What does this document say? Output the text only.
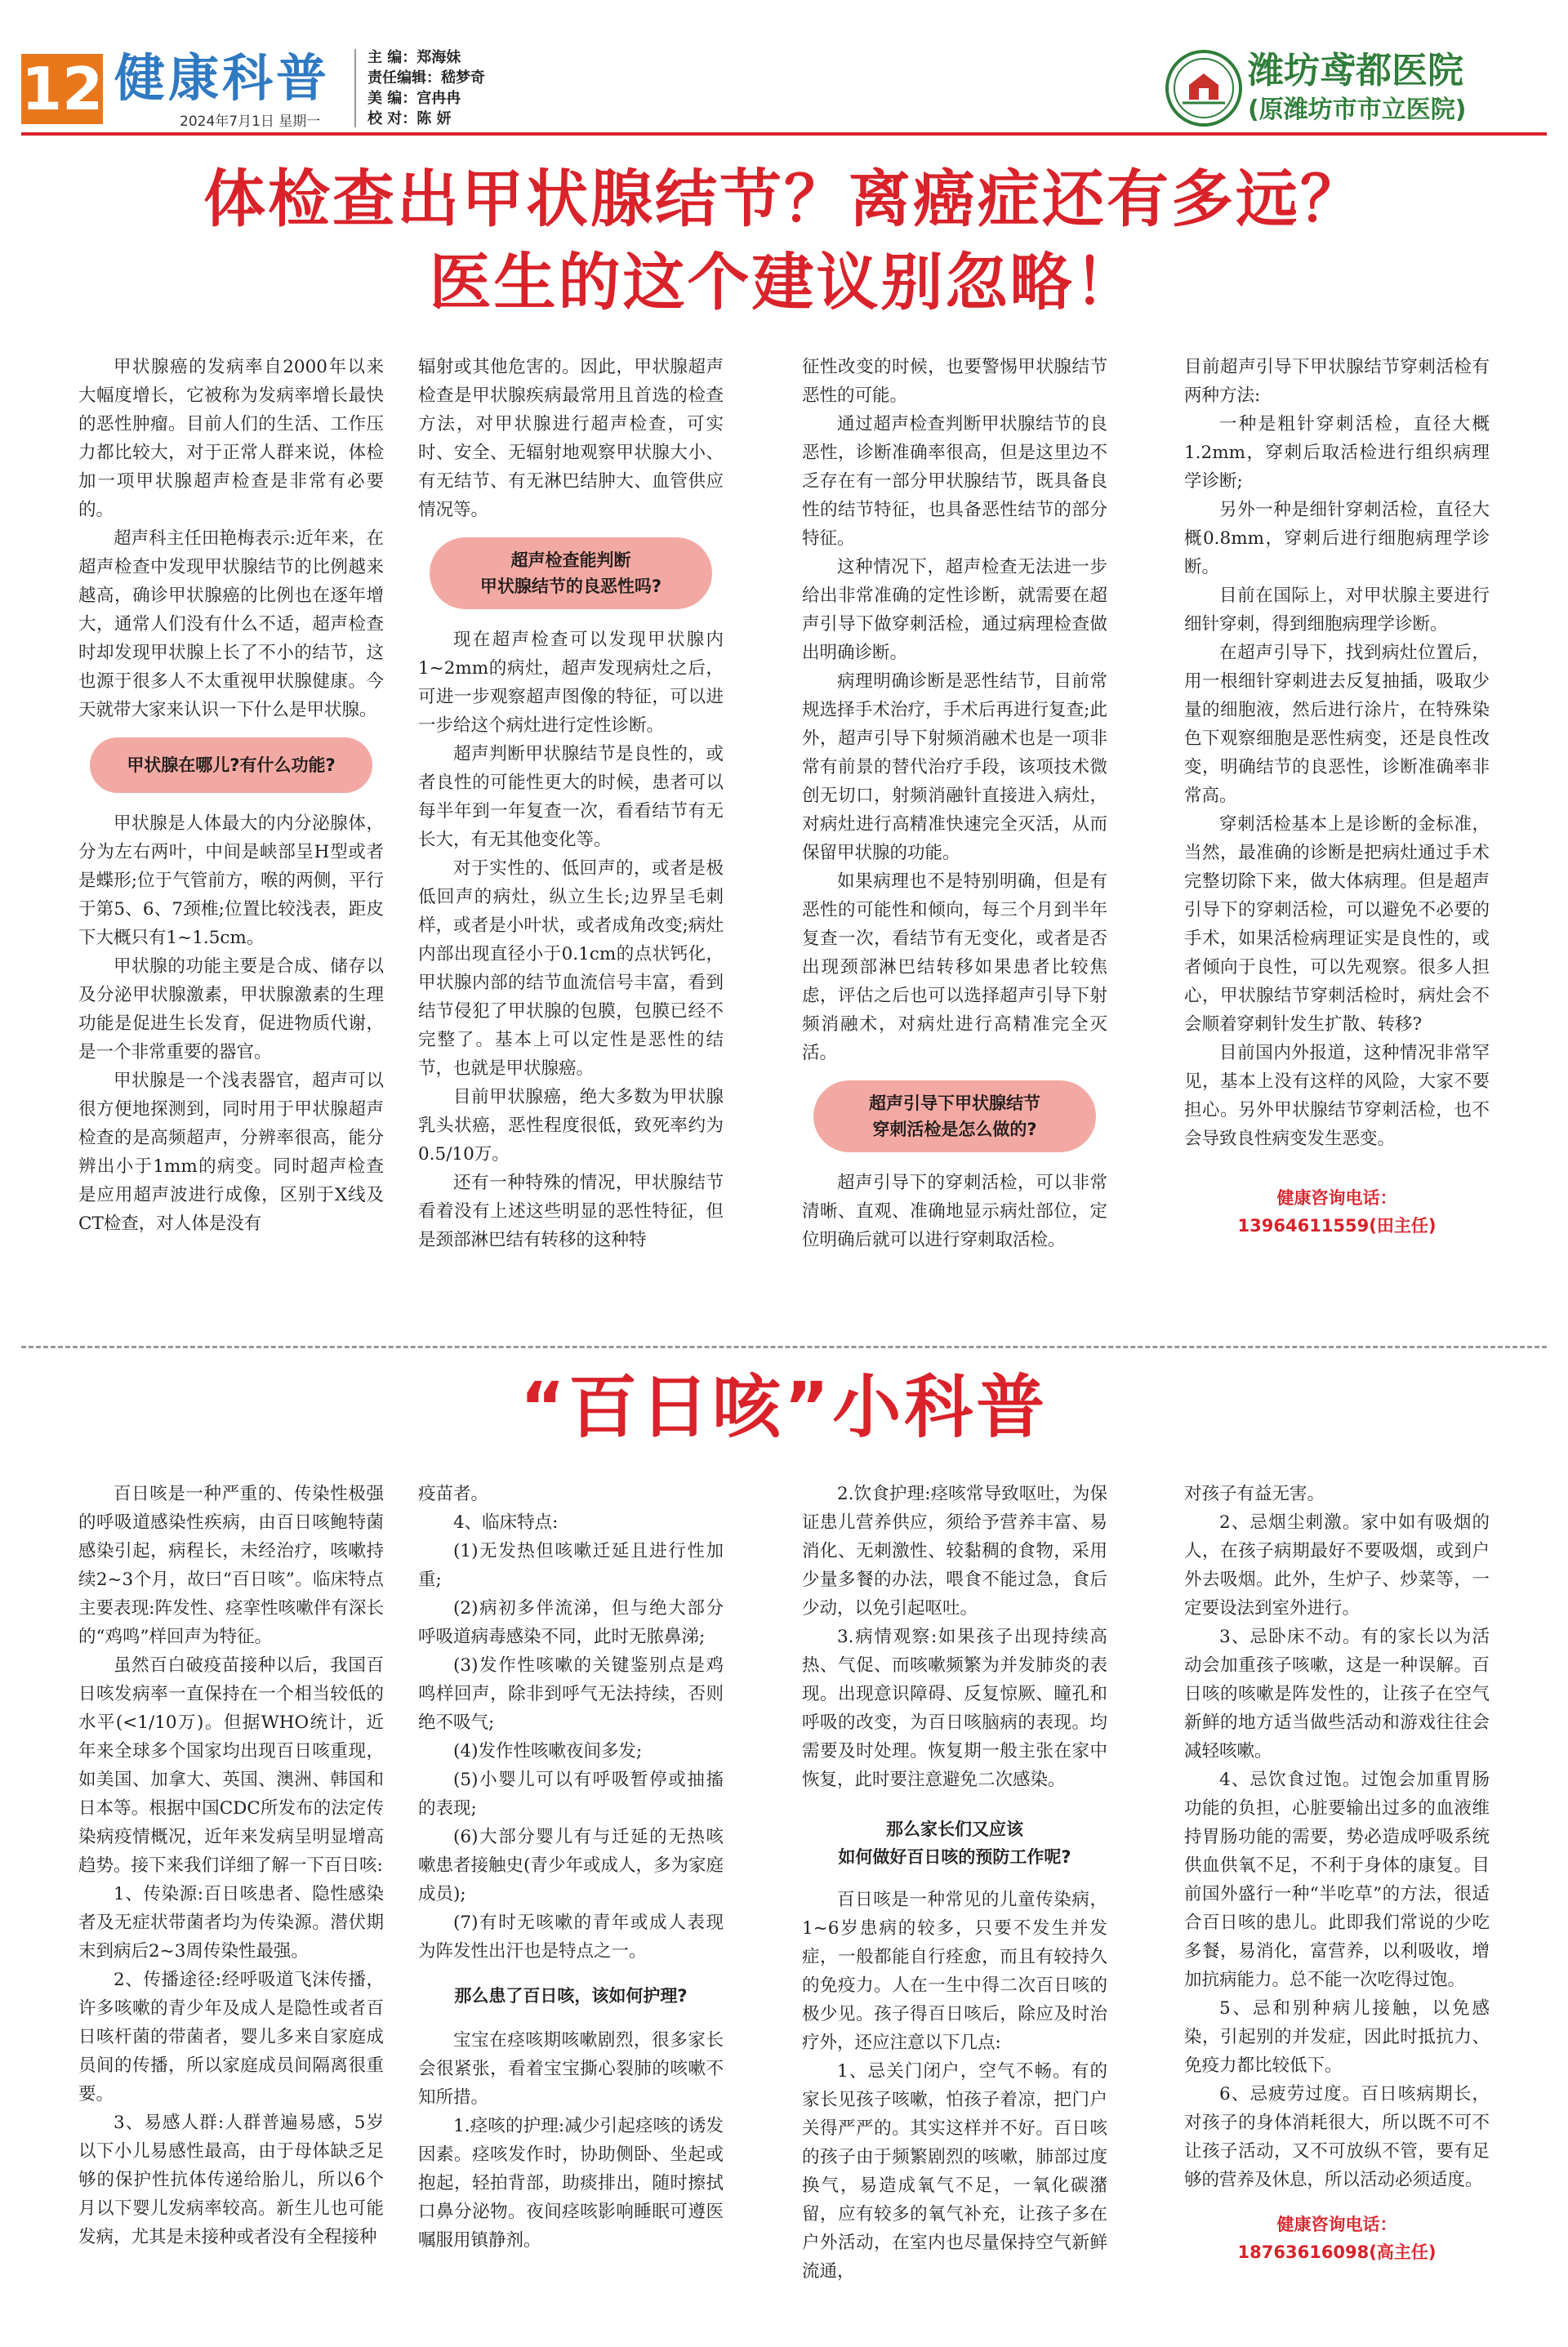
12 健康科普
2024年7月1日 星期一
主 编：郑海妹
责任编辑：嵇梦奇
美 编：宫冉冉
校 对：陈 妍
潍坊鸢都医院
(原潍坊市市立医院)
体检查出甲状腺结节？离癌症还有多远？
医生的这个建议别忽略！

甲状腺癌的发病率自2000年以来大幅度增长，它被称为发病率增长最快的恶性肿瘤。目前人们的生活、工作压力都比较大，对于正常人群来说，体检加一项甲状腺超声检查是非常有必要的。

超声科主任田艳梅表示:近年来，在超声检查中发现甲状腺结节的比例越来越高，确诊甲状腺癌的比例也在逐年增大，通常人们没有什么不适，超声检查时却发现甲状腺上长了不小的结节，这也源于很多人不太重视甲状腺健康。今天就带大家来认识一下什么是甲状腺。

甲状腺在哪儿?有什么功能?

甲状腺是人体最大的内分泌腺体，分为左右两叶，中间是峡部呈H型或者是蝶形;位于气管前方，喉的两侧，平行于第5、6、7颈椎;位置比较浅表，距皮下大概只有1~1.5cm。

甲状腺的功能主要是合成、储存以及分泌甲状腺激素，甲状腺激素的生理功能是促进生长发育，促进物质代谢，是一个非常重要的器官。

甲状腺是一个浅表器官，超声可以很方便地探测到，同时用于甲状腺超声检查的是高频超声，分辨率很高，能分辨出小于1mm的病变。同时超声检查是应用超声波进行成像，区别于X线及CT检查，对人体是没有

辐射或其他危害的。因此，甲状腺超声检查是甲状腺疾病最常用且首选的检查方法，对甲状腺进行超声检查，可实时、安全、无辐射地观察甲状腺大小、有无结节、有无淋巴结肿大、血管供应情况等。

超声检查能判断
甲状腺结节的良恶性吗?

现在超声检查可以发现甲状腺内1~2mm的病灶，超声发现病灶之后，可进一步观察超声图像的特征，可以进一步给这个病灶进行定性诊断。

超声判断甲状腺结节是良性的，或者良性的可能性更大的时候，患者可以每半年到一年复查一次，看看结节有无长大，有无其他变化等。

对于实性的、低回声的，或者是极低回声的病灶，纵立生长;边界呈毛刺样，或者是小叶状，或者成角改变;病灶内部出现直径小于0.1cm的点状钙化，甲状腺内部的结节血流信号丰富，看到结节侵犯了甲状腺的包膜，包膜已经不完整了。基本上可以定性是恶性的结节，也就是甲状腺癌。

目前甲状腺癌，绝大多数为甲状腺乳头状癌，恶性程度很低，致死率约为0.5/10万。

还有一种特殊的情况，甲状腺结节看着没有上述这些明显的恶性特征，但是颈部淋巴结有转移的这种特

征性改变的时候，也要警惕甲状腺结节恶性的可能。

通过超声检查判断甲状腺结节的良恶性，诊断准确率很高，但是这里边不乏存在有一部分甲状腺结节，既具备良性的结节特征，也具备恶性结节的部分特征。

这种情况下，超声检查无法进一步给出非常准确的定性诊断，就需要在超声引导下做穿刺活检，通过病理检查做出明确诊断。

病理明确诊断是恶性结节，目前常规选择手术治疗，手术后再进行复查;此外，超声引导下射频消融术也是一项非常有前景的替代治疗手段，该项技术微创无切口，射频消融针直接进入病灶，对病灶进行高精准快速完全灭活，从而保留甲状腺的功能。

如果病理也不是特别明确，但是有恶性的可能性和倾向，每三个月到半年复查一次，看结节有无变化，或者是否出现颈部淋巴结转移如果患者比较焦虑，评估之后也可以选择超声引导下射频消融术，对病灶进行高精准完全灭活。

超声引导下甲状腺结节
穿刺活检是怎么做的?

超声引导下的穿刺活检，可以非常清晰、直观、准确地显示病灶部位，定位明确后就可以进行穿刺取活检。

目前超声引导下甲状腺结节穿刺活检有两种方法:

一种是粗针穿刺活检，直径大概1.2mm，穿刺后取活检进行组织病理学诊断;

另外一种是细针穿刺活检，直径大概0.8mm，穿刺后进行细胞病理学诊断。

目前在国际上，对甲状腺主要进行细针穿刺，得到细胞病理学诊断。

在超声引导下，找到病灶位置后，用一根细针穿刺进去反复抽插，吸取少量的细胞液，然后进行涂片，在特殊染色下观察细胞是恶性病变，还是良性改变，明确结节的良恶性，诊断准确率非常高。

穿刺活检基本上是诊断的金标准，当然，最准确的诊断是把病灶通过手术完整切除下来，做大体病理。但是超声引导下的穿刺活检，可以避免不必要的手术，如果活检病理证实是良性的，或者倾向于良性，可以先观察。很多人担心，甲状腺结节穿刺活检时，病灶会不会顺着穿刺针发生扩散、转移?

目前国内外报道，这种情况非常罕见，基本上没有这样的风险，大家不要担心。另外甲状腺结节穿刺活检，也不会导致良性病变发生恶变。

健康咨询电话：
13964611559(田主任)
“百日咳”小科普

百日咳是一种严重的、传染性极强的呼吸道感染性疾病，由百日咳鲍特菌感染引起，病程长，未经治疗，咳嗽持续2~3个月，故曰“百日咳”。临床特点主要表现:阵发性、痉挛性咳嗽伴有深长的“鸡鸣”样回声为特征。

虽然百白破疫苗接种以后，我国百日咳发病率一直保持在一个相当较低的水平(<1/10万)。但据WHO统计，近年来全球多个国家均出现百日咳重现，如美国、加拿大、英国、澳洲、韩国和日本等。根据中国CDC所发布的法定传染病疫情概况，近年来发病呈明显增高趋势。接下来我们详细了解一下百日咳:

1、传染源:百日咳患者、隐性感染者及无症状带菌者均为传染源。潜伏期末到病后2~3周传染性最强。

2、传播途径:经呼吸道飞沫传播，许多咳嗽的青少年及成人是隐性或者百日咳杆菌的带菌者，婴儿多来自家庭成员间的传播，所以家庭成员间隔离很重要。

3、易感人群:人群普遍易感，5岁以下小儿易感性最高，由于母体缺乏足够的保护性抗体传递给胎儿，所以6个月以下婴儿发病率较高。新生儿也可能发病，尤其是未接种或者没有全程接种

疫苗者。

4、临床特点:

(1)无发热但咳嗽迁延且进行性加重;

(2)病初多伴流涕，但与绝大部分呼吸道病毒感染不同，此时无脓鼻涕;

(3)发作性咳嗽的关键鉴别点是鸡鸣样回声，除非到呼气无法持续，否则绝不吸气;

(4)发作性咳嗽夜间多发;

(5)小婴儿可以有呼吸暂停或抽搐的表现;

(6)大部分婴儿有与迁延的无热咳嗽患者接触史(青少年或成人，多为家庭成员);

(7)有时无咳嗽的青年或成人表现为阵发性出汗也是特点之一。

那么患了百日咳，该如何护理?

宝宝在痉咳期咳嗽剧烈，很多家长会很紧张，看着宝宝撕心裂肺的咳嗽不知所措。

1.痉咳的护理:减少引起痉咳的诱发因素。痉咳发作时，协助侧卧、坐起或抱起，轻拍背部，助痰排出，随时擦拭口鼻分泌物。夜间痉咳影响睡眠可遵医嘱服用镇静剂。

2.饮食护理:痉咳常导致呕吐，为保证患儿营养供应，须给予营养丰富、易消化、无刺激性、较黏稠的食物，采用少量多餐的办法，喂食不能过急，食后少动，以免引起呕吐。

3.病情观察:如果孩子出现持续高热、气促、而咳嗽频繁为并发肺炎的表现。出现意识障碍、反复惊厥、瞳孔和呼吸的改变，为百日咳脑病的表现。均需要及时处理。恢复期一般主张在家中恢复，此时要注意避免二次感染。

那么家长们又应该
如何做好百日咳的预防工作呢?

百日咳是一种常见的儿童传染病，1~6岁患病的较多，只要不发生并发症，一般都能自行痊愈，而且有较持久的免疫力。人在一生中得二次百日咳的极少见。孩子得百日咳后，除应及时治疗外，还应注意以下几点:

1、忌关门闭户，空气不畅。有的家长见孩子咳嗽，怕孩子着凉，把门户关得严严的。其实这样并不好。百日咳的孩子由于频繁剧烈的咳嗽，肺部过度换气，易造成氧气不足，一氧化碳潴留，应有较多的氧气补充，让孩子多在户外活动，在室内也尽量保持空气新鲜流通，

对孩子有益无害。

2、忌烟尘刺激。家中如有吸烟的人，在孩子病期最好不要吸烟，或到户外去吸烟。此外，生炉子、炒菜等，一定要设法到室外进行。

3、忌卧床不动。有的家长以为活动会加重孩子咳嗽，这是一种误解。百日咳的咳嗽是阵发性的，让孩子在空气新鲜的地方适当做些活动和游戏往往会减轻咳嗽。

4、忌饮食过饱。过饱会加重胃肠功能的负担，心脏要输出过多的血液维持胃肠功能的需要，势必造成呼吸系统供血供氧不足，不利于身体的康复。目前国外盛行一种“半吃草”的方法，很适合百日咳的患儿。此即我们常说的少吃多餐，易消化，富营养，以利吸收，增加抗病能力。总不能一次吃得过饱。

5、忌和别种病儿接触，以免感染，引起别的并发症，因此时抵抗力、免疫力都比较低下。

6、忌疲劳过度。百日咳病期长，对孩子的身体消耗很大，所以既不可不让孩子活动，又不可放纵不管，要有足够的营养及休息，所以活动必须适度。

健康咨询电话：
18763616098(高主任)
